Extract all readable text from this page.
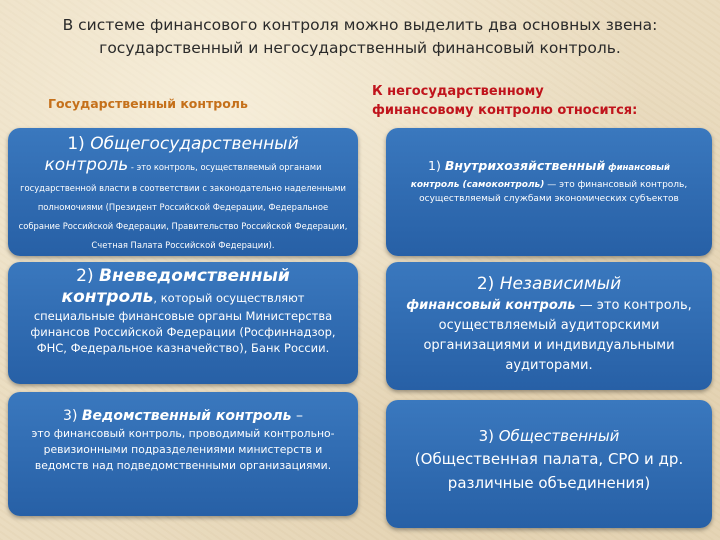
В системе финансового контроля можно выделить два основных звена:
государственный и негосударственный финансовый контроль.
Государственный контроль
К негосударственному
финансовому контролю относится:
1) Общегосударственный
контроль - это контроль, осуществляемый органами государственной власти в соответствии с законодательно наделенными полномочиями (Президент Российской Федерации, Федеральное собрание Российской Федерации, Правительство Российской Федерации, Счетная Палата Российской Федерации).
2) Вневедомственный
контроль, который осуществляют
специальные финансовые органы Министерства финансов Российской Федерации (Росфиннадзор, ФНС, Федеральное казначейство), Банк России.
3) Ведомственный контроль –
это финансовый контроль, проводимый контрольно-ревизионными подразделениями министерств и ведомств над подведомственными организациями.
1) Внутрихозяйственный финансовый
контроль (самоконтроль) — это финансовый контроль, осуществляемый службами экономических субъектов
2) Независимый
финансовый контроль — это контроль, осуществляемый аудиторскими организациями и индивидуальными аудиторами.
3) Общественный
(Общественная палата, СРО и др. различные объединения)
